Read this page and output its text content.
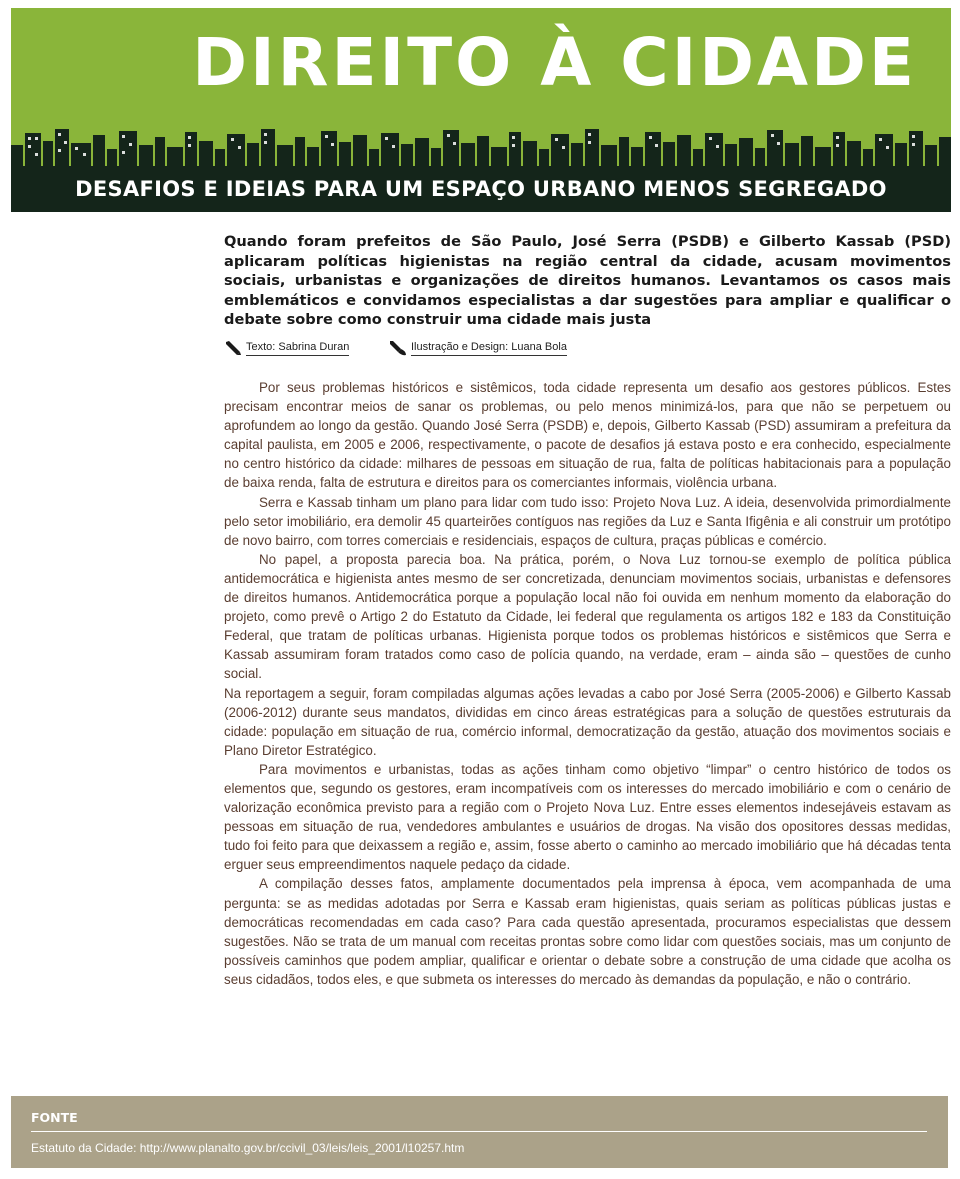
DIREITO À CIDADE
DESAFIOS E IDEIAS PARA UM ESPAÇO URBANO MENOS SEGREGADO

Quando foram prefeitos de São Paulo, José Serra (PSDB) e Gilberto Kassab (PSD) aplicaram políticas higienistas na região central da cidade, acusam movimentos sociais, urbanistas e organizações de direitos humanos. Levantamos os casos mais emblemáticos e convidamos especialistas a dar sugestões para ampliar e qualificar o debate sobre como construir uma cidade mais justa

Texto: Sabrina Duran	Ilustração e Design: Luana Bola

Por seus problemas históricos e sistêmicos, toda cidade representa um desafio aos gestores públicos. Estes precisam encontrar meios de sanar os problemas, ou pelo menos minimizá-los, para que não se perpetuem ou aprofundem ao longo da gestão. Quando José Serra (PSDB) e, depois, Gilberto Kassab (PSD) assumiram a prefeitura da capital paulista, em 2005 e 2006, respectivamente, o pacote de desafios já estava posto e era conhecido, especialmente no centro histórico da cidade: milhares de pessoas em situação de rua, falta de políticas habitacionais para a população de baixa renda, falta de estrutura e direitos para os comerciantes informais, violência urbana.

Serra e Kassab tinham um plano para lidar com tudo isso: Projeto Nova Luz. A ideia, desenvolvida primordialmente pelo setor imobiliário, era demolir 45 quarteirões contíguos nas regiões da Luz e Santa Ifigênia e ali construir um protótipo de novo bairro, com torres comerciais e residenciais, espaços de cultura, praças públicas e comércio.

No papel, a proposta parecia boa. Na prática, porém, o Nova Luz tornou-se exemplo de política pública antidemocrática e higienista antes mesmo de ser concretizada, denunciam movimentos sociais, urbanistas e defensores de direitos humanos. Antidemocrática porque a população local não foi ouvida em nenhum momento da elaboração do projeto, como prevê o Artigo 2 do Estatuto da Cidade, lei federal que regulamenta os artigos 182 e 183 da Constituição Federal, que tratam de políticas urbanas. Higienista porque todos os problemas históricos e sistêmicos que Serra e Kassab assumiram foram tratados como caso de polícia quando, na verdade, eram – ainda são – questões de cunho social.

Na reportagem a seguir, foram compiladas algumas ações levadas a cabo por José Serra (2005-2006) e Gilberto Kassab (2006-2012) durante seus mandatos, divididas em cinco áreas estratégicas para a solução de questões estruturais da cidade: população em situação de rua, comércio informal, democratização da gestão, atuação dos movimentos sociais e Plano Diretor Estratégico.

Para movimentos e urbanistas, todas as ações tinham como objetivo “limpar” o centro histórico de todos os elementos que, segundo os gestores, eram incompatíveis com os interesses do mercado imobiliário e com o cenário de valorização econômica previsto para a região com o Projeto Nova Luz. Entre esses elementos indesejáveis estavam as pessoas em situação de rua, vendedores ambulantes e usuários de drogas. Na visão dos opositores dessas medidas, tudo foi feito para que deixassem a região e, assim, fosse aberto o caminho ao mercado imobiliário que há décadas tenta erguer seus empreendimentos naquele pedaço da cidade.

A compilação desses fatos, amplamente documentados pela imprensa à época, vem acompanhada de uma pergunta: se as medidas adotadas por Serra e Kassab eram higienistas, quais seriam as políticas públicas justas e democráticas recomendadas em cada caso? Para cada questão apresentada, procuramos especialistas que dessem sugestões. Não se trata de um manual com receitas prontas sobre como lidar com questões sociais, mas um conjunto de possíveis caminhos que podem ampliar, qualificar e orientar o debate sobre a construção de uma cidade que acolha os seus cidadãos, todos eles, e que submeta os interesses do mercado às demandas da população, e não o contrário.

FONTE
Estatuto da Cidade: http://www.planalto.gov.br/ccivil_03/leis/leis_2001/l10257.htm
